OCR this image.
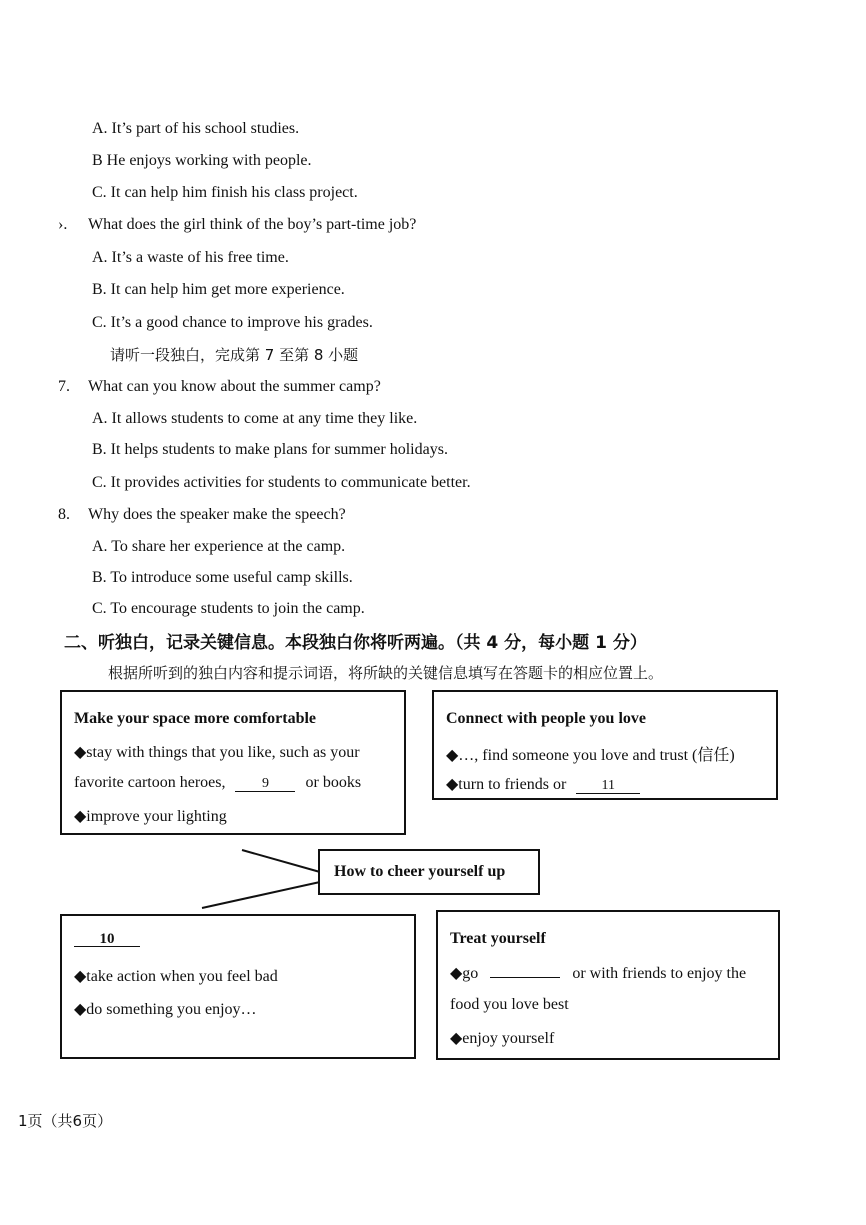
A. It’s part of his school studies.
B He enjoys working with people.
C. It can help him finish his class project.
›. What does the girl think of the boy’s part-time job?
A. It’s a waste of his free time.
B. It can help him get more experience.
C. It’s a good chance to improve his grades.
请听一段独白，完成第 7 至第 8 小题
7. What can you know about the summer camp?
A. It allows students to come at any time they like.
B. It helps students to make plans for summer holidays.
C. It provides activities for students to communicate better.
8. Why does the speaker make the speech?
A. To share her experience at the camp.
B. To introduce some useful camp skills.
C. To encourage students to join the camp.
二、听独白，记录关键信息。本段独白你将听两遍。（共 4 分，每小题 1 分）
根据所听到的独白内容和提示词语，将所缺的关键信息填写在答题卡的相应位置上。
Make your space more comfortable
◆stay with things that you like, such as your
favorite cartoon heroes,	9 or books
◆improve your lighting
Connect with people you love
◆…, find someone you love and trust (信任)
◆turn to friends or	11
How to cheer yourself up
10
◆take action when you feel bad
◆do something you enjoy…
Treat yourself
◆go	or with friends to enjoy the
food you love best
◆enjoy yourself
1页（共6页）
